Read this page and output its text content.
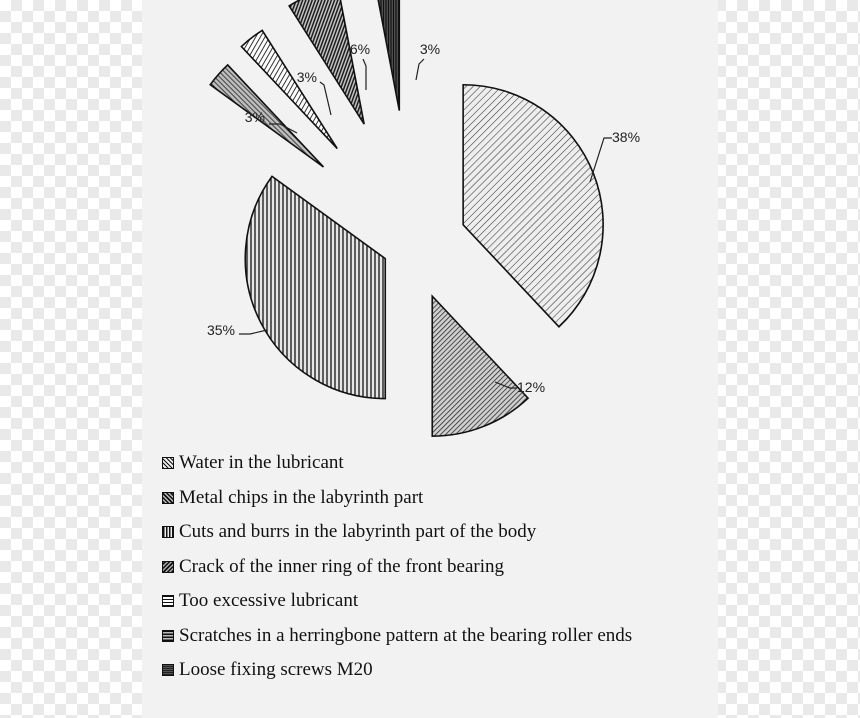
38%
12%
35%
3%
3%
6%	3%
Water in the lubricant
Metal chips in the labyrinth part
Cuts and burrs in the labyrinth part of the body
Crack of the inner ring of the front bearing
Too excessive lubricant
Scratches in a herringbone pattern at the bearing roller ends
Loose fixing screws M20
